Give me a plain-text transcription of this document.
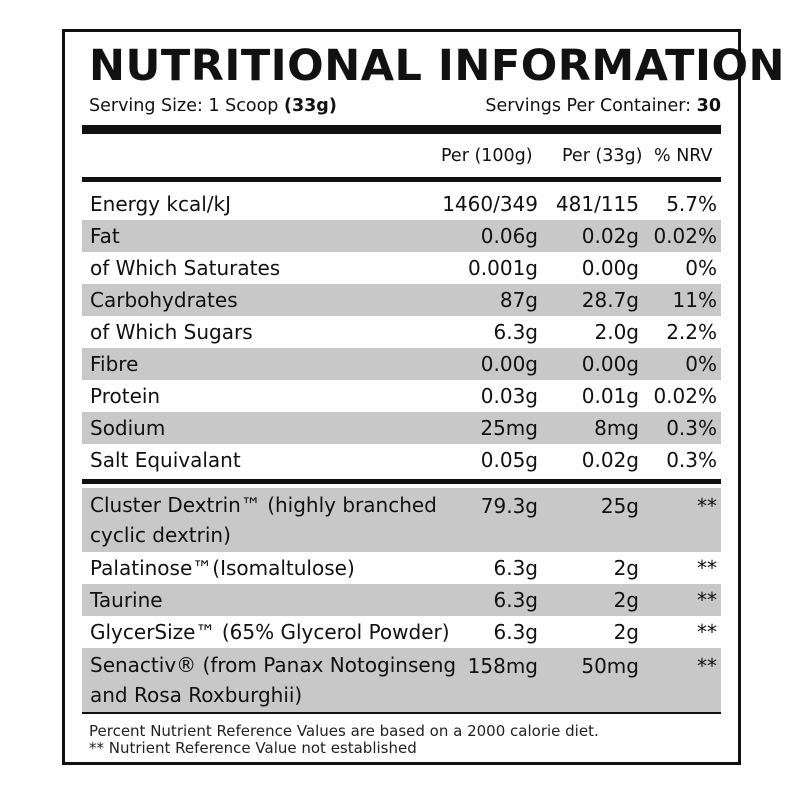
NUTRITIONAL INFORMATION
Serving Size: 1 Scoop (33g)	Servings Per Container: 30
Per (100g) Per (33g) % NRV
Energy kcal/kJ	1460/349 481/115 5.7%
Fat	0.06g 0.02g 0.02%
of Which Saturates	0.001g 0.00g 0%
Carbohydrates	87g 28.7g 11%
of Which Sugars	6.3g	2.0g 2.2%
Fibre	0.00g 0.00g 0%
Protein	0.03g 0.01g 0.02%
Sodium	25mg	8mg 0.3%
Salt Equivalant	0.05g 0.02g 0.3%
Cluster Dextrin™ (highly branched cyclic dextrin)
79.3g	25g	**
Palatinose™(Isomaltulose)	6.3g	2g	**
Taurine	6.3g	2g	**
GlycerSize™ (65% Glycerol Powder) 6.3g	2g	**
Senactiv® (from Panax Notoginseng and Rosa Roxburghii)
158mg 50mg	**
Percent Nutrient Reference Values are based on a 2000 calorie diet.
** Nutrient Reference Value not established
